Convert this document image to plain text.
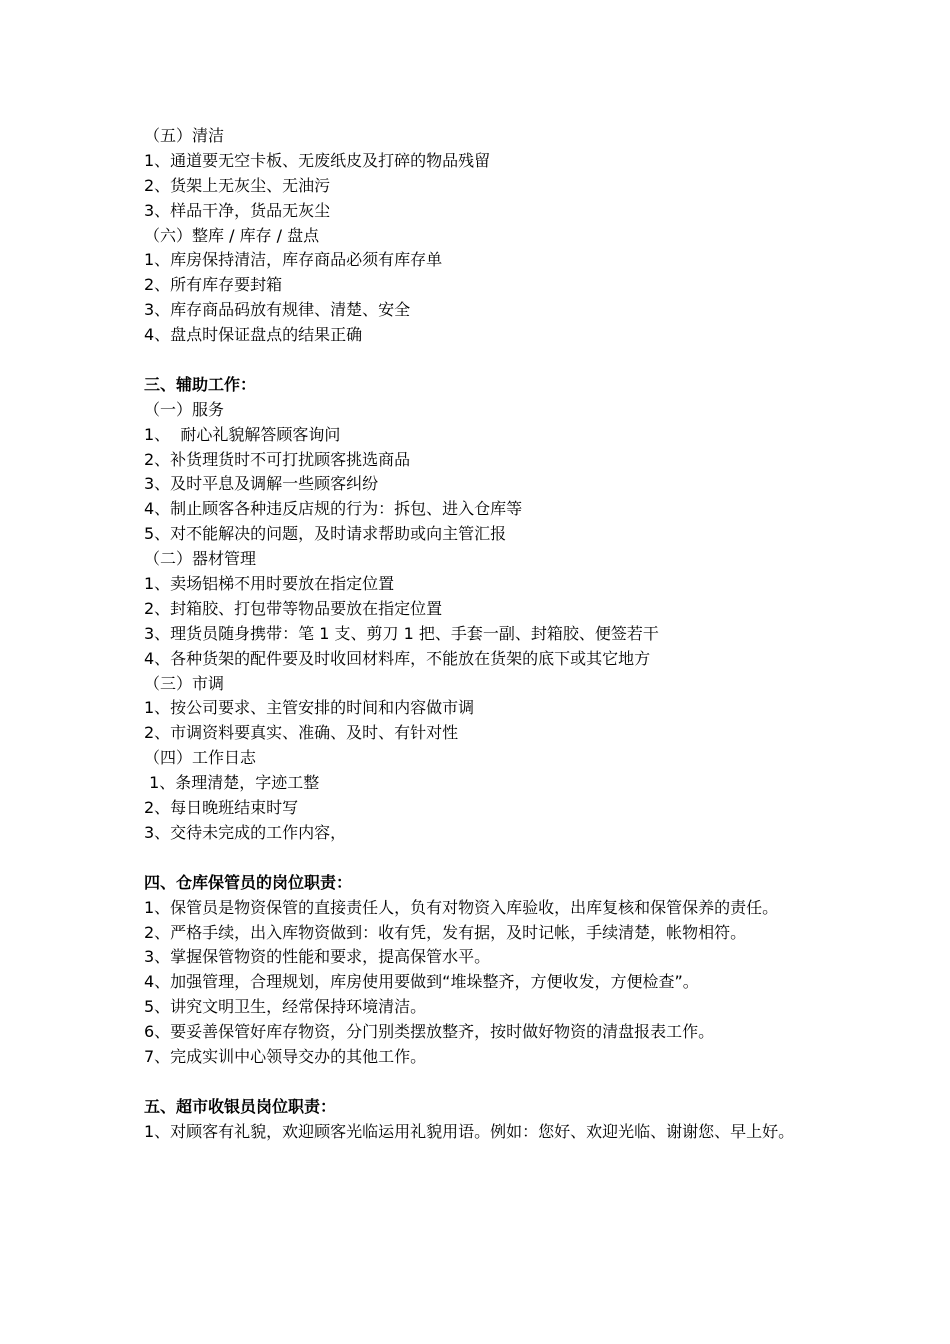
（五）清洁
1、通道要无空卡板、无废纸皮及打碎的物品残留
2、货架上无灰尘、无油污
3、样品干净，货品无灰尘
（六）整库 / 库存 / 盘点
1、库房保持清洁，库存商品必须有库存单
2、所有库存要封箱
3、库存商品码放有规律、清楚、安全
4、盘点时保证盘点的结果正确
三、辅助工作：
（一）服务
1、  耐心礼貌解答顾客询问
2、补货理货时不可打扰顾客挑选商品
3、及时平息及调解一些顾客纠纷
4、制止顾客各种违反店规的行为：拆包、进入仓库等
5、对不能解决的问题，及时请求帮助或向主管汇报
（二）器材管理
1、卖场铝梯不用时要放在指定位置
2、封箱胶、打包带等物品要放在指定位置
3、理货员随身携带：笔 1 支、剪刀 1 把、手套一副、封箱胶、便签若干
4、各种货架的配件要及时收回材料库，不能放在货架的底下或其它地方
（三）市调
1、按公司要求、主管安排的时间和内容做市调
2、市调资料要真实、准确、及时、有针对性
（四）工作日志
1、条理清楚，字迹工整
2、每日晚班结束时写
3、交待未完成的工作内容，
四、仓库保管员的岗位职责：
1、保管员是物资保管的直接责任人，负有对物资入库验收，出库复核和保管保养的责任。
2、严格手续，出入库物资做到：收有凭，发有据，及时记帐，手续清楚，帐物相符。
3、掌握保管物资的性能和要求，提高保管水平。
4、加强管理，合理规划，库房使用要做到“堆垛整齐，方便收发，方便检查”。
5、讲究文明卫生，经常保持环境清洁。
6、要妥善保管好库存物资，分门别类摆放整齐，按时做好物资的清盘报表工作。
7、完成实训中心领导交办的其他工作。
五、超市收银员岗位职责：
1、对顾客有礼貌，欢迎顾客光临运用礼貌用语。例如：您好、欢迎光临、谢谢您、早上好。
